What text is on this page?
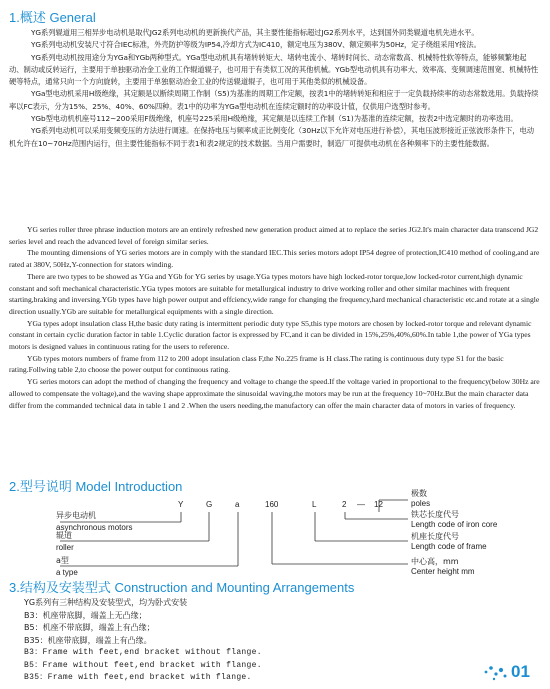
1.概述 General

YG系列辊道用三相异步电动机是取代JG2系列电动机的更新换代产品，其主要性能指标超过JG2系列水平，达到国外同类辊道电机先进水平。

YG系列电动机安装尺寸符合IEC标准，外壳防护等级为IP54,冷却方式为IC410，额定电压为380V、额定频率为50Hz，定子绕组采用Y接法。

YG系列电动机按用途分为YGa和YGb两种型式。YGa型电动机具有堵转转矩大、堵转电流小、堵转时间长、动态常数高、机械特性软等特点，能够频繁地起动、制动或反转运行，主要用于单独驱动冶金工业的工作辊道辊子，也可用于有类似工况的其他机械。YGb型电动机具有功率大、效率高、变频调速范围宽、机械特性硬等特点，通常只向一个方向旋转，主要用于单独驱动冶金工业的传送辊道辊子，也可用于其他类似的机械设备。

YGa型电动机采用H级绝缘，其定额是以断续周期工作制（S5)为基准的周期工作定额，按表1中的堵转转矩和相应于一定负载持续率的动态常数选用。负载持续率以FC表示，分为15%、25%、40%、60%四种。表1中的功率为YGa型电动机在连续定额时的功率设计值，仅供用户选型时参考。

YGb型电动机机座号112~200采用F级绝缘，机座号225采用H级绝缘，其定额是以连续工作制（S1)为基准的连续定额，按表2中选定额时的功率选用。

YG系列电动机可以采用变频变压的方法进行调速。在保持电压与频率成正比例变化（30Hz以下允许对电压进行补偿），其电压波形接近正弦波形条件下，电动机允许在10~70Hz范围内运行，但主要性能指标不同于表1和表2规定的技术数据。当用户需要时，制造厂可提供电动机在各种频率下的主要性能数据。

YG series roller three phrase induction motors are an entirely refreshed new generation product aimed at to replace the series JG2.It's main character data transcend JG2 series level and reach the advanced level of foreign similar series.

The mounting dimensions of YG series motors are in comply with the standard IEC.This series motors adopt IP54 degree of protection,IC410 method of cooling,and are rated at 380V, 50Hz,Y-connection for stators winding.

There are two types to be showed as YGa and YGb for YG series by usage.YGa types motors have high locked-rotor torque,low locked-rotor current,high dynamic constant and soft mechanical characteristic.YGa types motors are suitable for metallurgical industry to drive working roller and other similar machines with frequent starting,braking and inversing.YGb types have high power output and effciency,wide range for changing the frequency,hard mechanical characteristic etc.and rotate at a single direction usually.YGb are suitable for metallurgical equipments with a single direction.

YGa types adopt insulation class H,the basic duty rating is intermittent periodic duty type S5,this type motors are chosen by locked-rotor torque and relevant dynamic constant in certain cyclic duration factor in table 1.Cyclic duration factor is expressed by FC,and it can be divided in 15%,25%,40%,60%.In table 1,the power of YGa types motors is designed values in continuous rating for the users to reference.

YGb types motors numbers of frame from 112 to 200 adopt insulation class F,the No.225 frame is H class.The rating is continuous duty type S1 for the basic rating.Follwing table 2,to choose the power output for continuous rating.

YG series motors can adopt the method of changing the frequency and voltage to change the speed.If the voltage varied in proportional to the frequency(below 30Hz are allowed to compensate the voltage),and the waving shape approximate the sinusoidal waving,the motors may be run at the frequency 10~70Hz.But the main character data differ from the commanded technical data in table 1 and 2 .When the users needing,the manufactory can offer the main character data of motors in varies of frequency.

2.型号说明 Model Introduction
Y	G	a	160	L	2 — 12
异步电动机
asynchronous motors
辊道
roller
a型
a type
极数
poles
铁芯长度代号
Length code of iron core
机座长度代号
Length code of frame
中心高，mm
Center height mm
3.结构及安装型式 Construction and Mounting Arrangements
YG系列有三种结构及安装型式，均为卧式安装
B3：机座带底脚，端盖上无凸缘；
B5：机座不带底脚，端盖上有凸缘；
B35：机座带底脚，端盖上有凸缘。
B3：Frame with feet,end bracket without flange.
B5：Frame without feet,end bracket with flange.
B35：Frame with feet,end bracket with flange.	01
